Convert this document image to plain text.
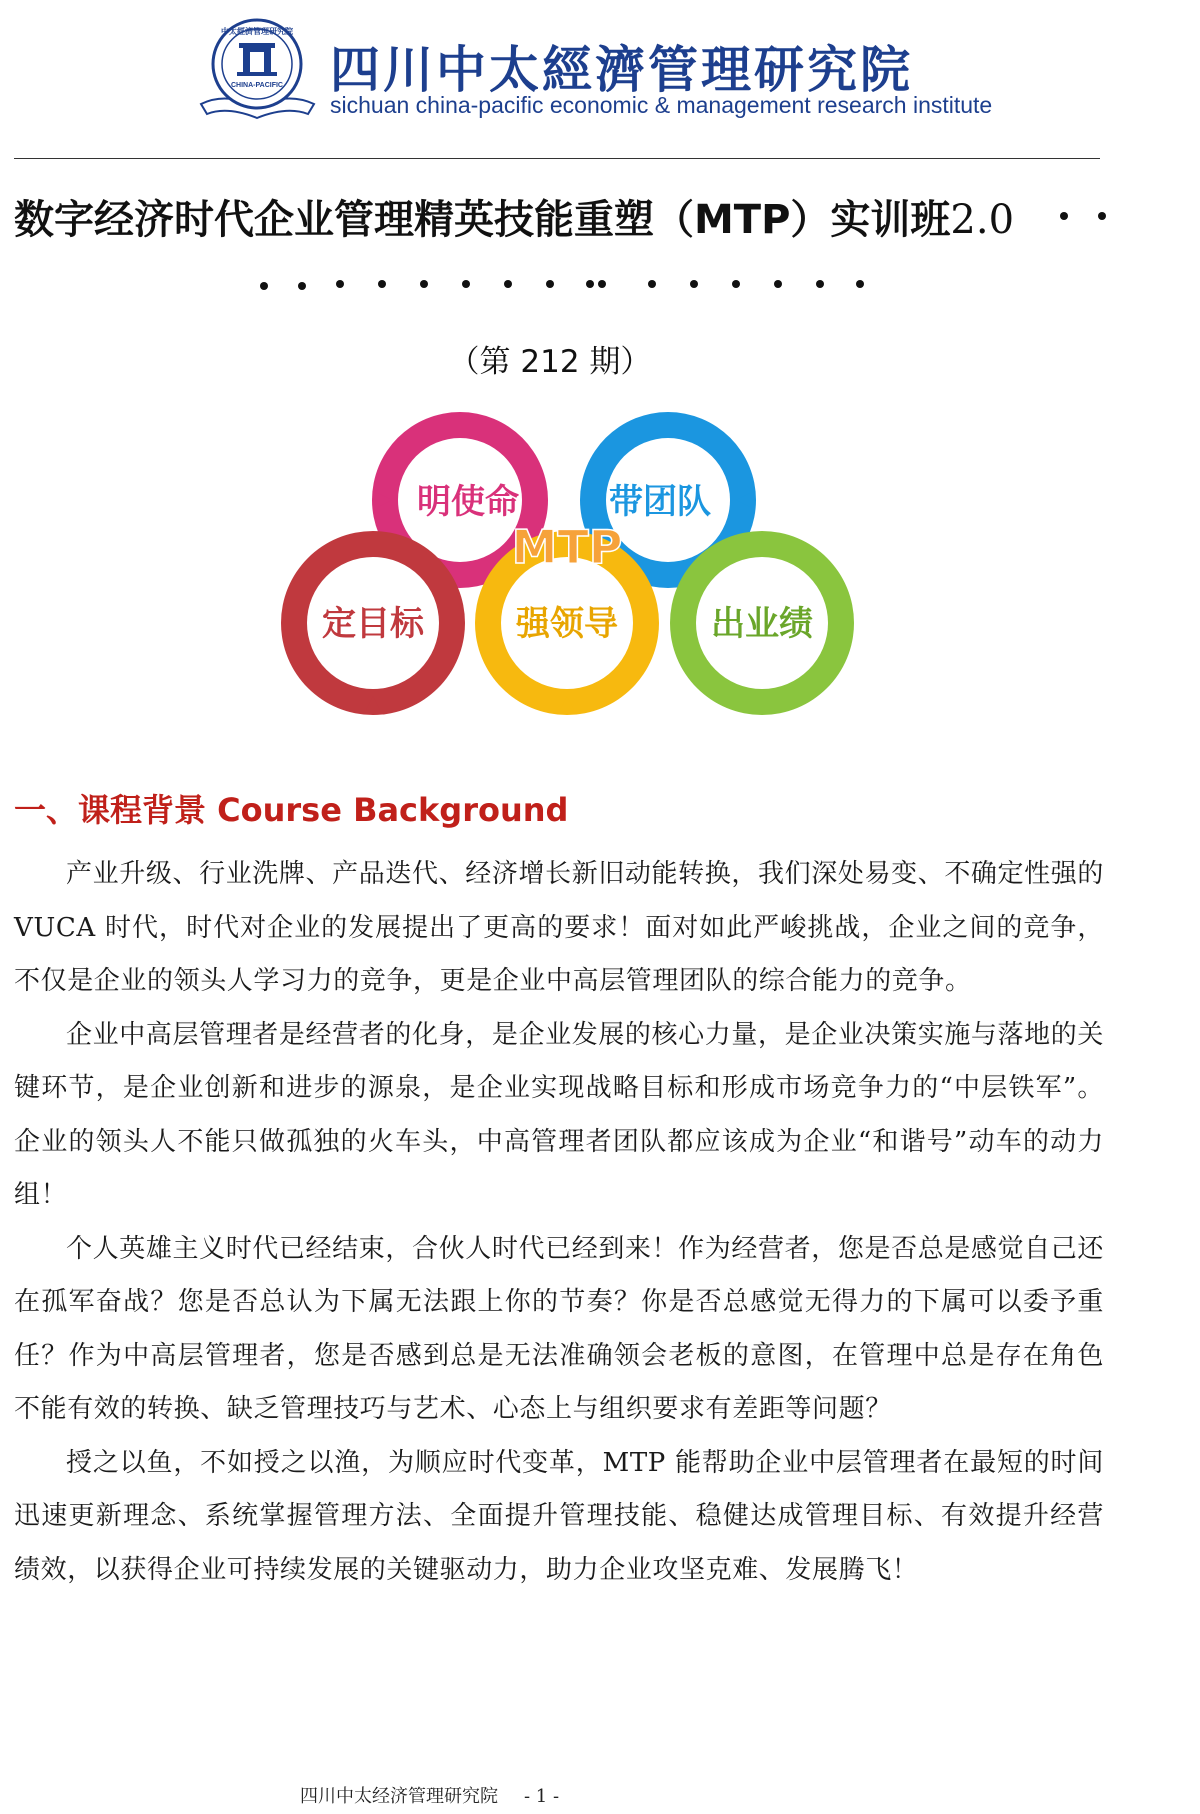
中太經濟管理研究院
CHINA-PACIFIC 四川中太經濟管理研究院
sichuan china-pacific economic & management research institute
数字经济时代企业管理精英技能重塑（MTP）实训班2.0
（第 212 期）
明使命	带团队
定目标	出业绩
强领导
MTP
一、课程背景 Course Background

产业升级、行业洗牌、产品迭代、经济增长新旧动能转换，我们深处易变、不确定性强的 VUCA 时代，时代对企业的发展提出了更高的要求！面对如此严峻挑战，企业之间的竞争，不仅是企业的领头人学习力的竞争，更是企业中高层管理团队的综合能力的竞争。

企业中高层管理者是经营者的化身，是企业发展的核心力量，是企业决策实施与落地的关键环节，是企业创新和进步的源泉，是企业实现战略目标和形成市场竞争力的“中层铁军”。企业的领头人不能只做孤独的火车头，中高管理者团队都应该成为企业“和谐号”动车的动力组！

个人英雄主义时代已经结束，合伙人时代已经到来！作为经营者，您是否总是感觉自己还在孤军奋战？您是否总认为下属无法跟上你的节奏？你是否总感觉无得力的下属可以委予重任？作为中高层管理者，您是否感到总是无法准确领会老板的意图，在管理中总是存在角色不能有效的转换、缺乏管理技巧与艺术、心态上与组织要求有差距等问题？

授之以鱼，不如授之以渔，为顺应时代变革，MTP 能帮助企业中层管理者在最短的时间迅速更新理念、系统掌握管理方法、全面提升管理技能、稳健达成管理目标、有效提升经营绩效，以获得企业可持续发展的关键驱动力，助力企业攻坚克难、发展腾飞！

四川中太经济管理研究院 - 1 -
